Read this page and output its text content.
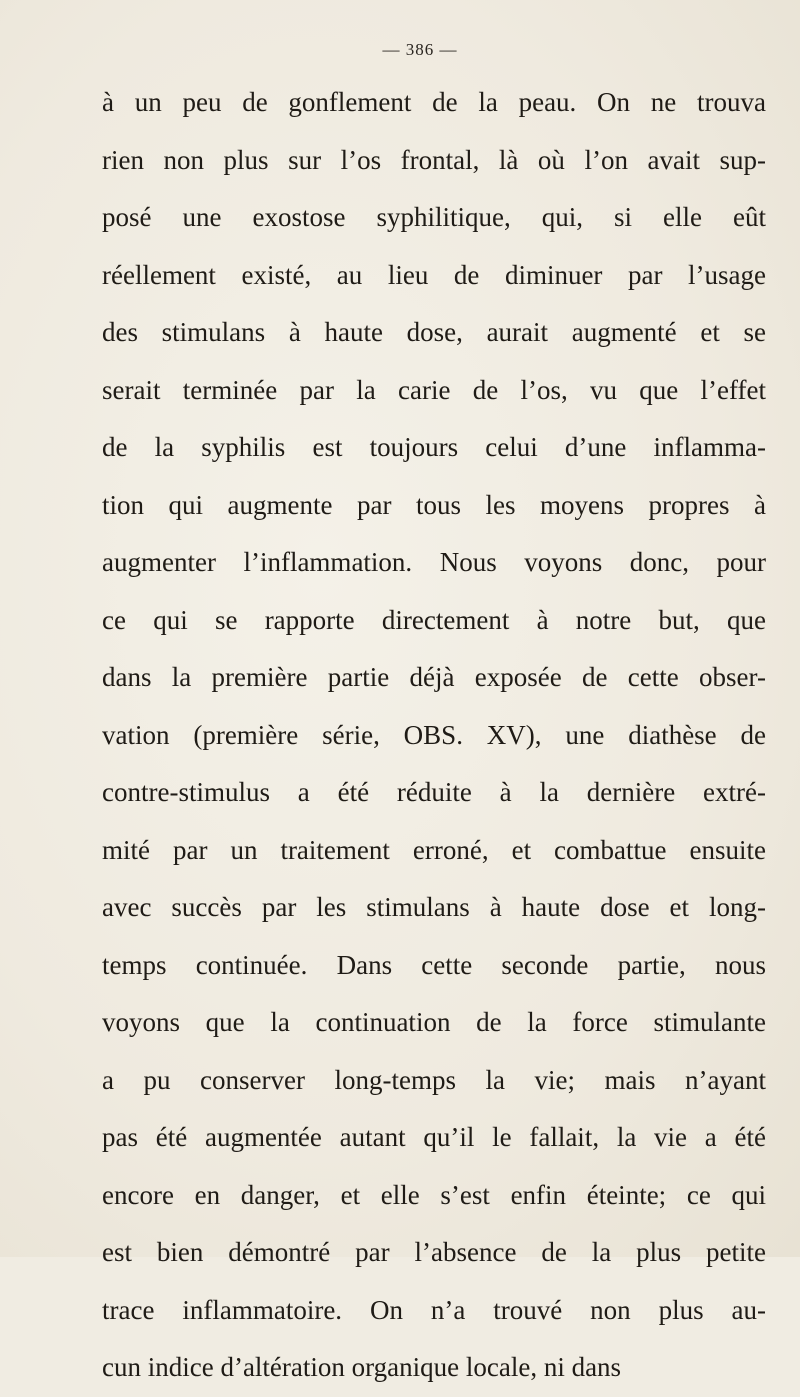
— 386 —
à un peu de gonflement de la peau. On ne trouva
rien non plus sur l’os frontal, là où l’on avait sup-
posé une exostose syphilitique, qui, si elle eût
réellement existé, au lieu de diminuer par l’usage
des stimulans à haute dose, aurait augmenté et se
serait terminée par la carie de l’os, vu que l’effet
de la syphilis est toujours celui d’une inflamma-
tion qui augmente par tous les moyens propres à
augmenter l’inflammation. Nous voyons donc, pour
ce qui se rapporte directement à notre but, que
dans la première partie déjà exposée de cette obser-
vation (première série, OBS. XV), une diathèse de
contre-stimulus a été réduite à la dernière extré-
mité par un traitement erroné, et combattue ensuite
avec succès par les stimulans à haute dose et long-
temps continuée. Dans cette seconde partie, nous
voyons que la continuation de la force stimulante
a pu conserver long-temps la vie; mais n’ayant
pas été augmentée autant qu’il le fallait, la vie a été
encore en danger, et elle s’est enfin éteinte; ce qui
est bien démontré par l’absence de la plus petite
trace inflammatoire. On n’a trouvé non plus au-
cun indice d’altération organique locale, ni dans
